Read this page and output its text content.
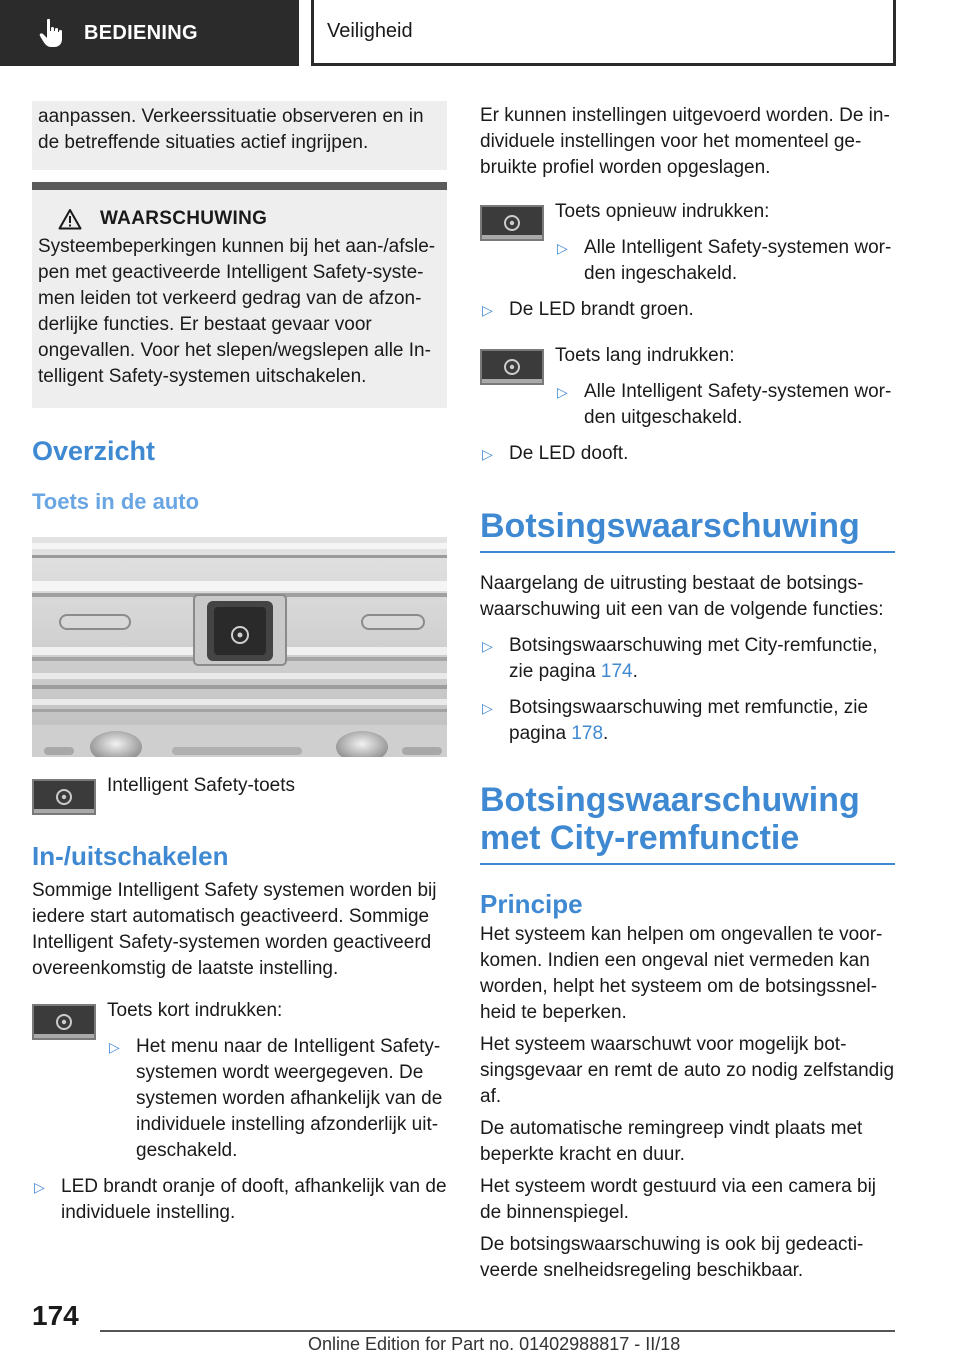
BEDIENING	Veiligheid

aanpassen. Verkeerssituatie observeren en in de betreffende situaties actief ingrijpen.

WAARSCHUWING

Systeembeperkingen kunnen bij het aan-/afsle-pen met geactiveerde Intelligent Safety-syste-men leiden tot verkeerd gedrag van de afzon-derlijke functies. Er bestaat gevaar voor ongevallen. Voor het slepen/wegslepen alle In-telligent Safety-systemen uitschakelen.

Overzicht
Toets in de auto

Intelligent Safety-toets

In-/uitschakelen

Sommige Intelligent Safety systemen worden bij iedere start automatisch geactiveerd. Sommige Intelligent Safety-systemen worden geactiveerd overeenkomstig de laatste instelling.

Toets kort indrukken:

▷ Het menu naar de Intelligent Safety-systemen wordt weergegeven. De systemen worden afhankelijk van de individuele instelling afzonderlijk uit-geschakeld.
▷ LED brandt oranje of dooft, afhankelijk van de individuele instelling.

Er kunnen instellingen uitgevoerd worden. De in-dividuele instellingen voor het momenteel ge-bruikte profiel worden opgeslagen.

Toets opnieuw indrukken:

▷ Alle Intelligent Safety-systemen wor-den ingeschakeld.
▷ De LED brandt groen.

Toets lang indrukken:

▷ Alle Intelligent Safety-systemen wor-den uitgeschakeld.
▷ De LED dooft.
Botsingswaarschuwing

Naargelang de uitrusting bestaat de botsings-waarschuwing uit een van de volgende functies:

▷ Botsingswaarschuwing met City-remfunctie, zie pagina 174.
▷ Botsingswaarschuwing met remfunctie, zie pagina 178.
Botsingswaarschuwing
met City-remfunctie
Principe

Het systeem kan helpen om ongevallen te voor-komen. Indien een ongeval niet vermeden kan worden, helpt het systeem om de botsingssnel-heid te beperken.

Het systeem waarschuwt voor mogelijk bot-singsgevaar en remt de auto zo nodig zelfstandig af.

De automatische remingreep vindt plaats met beperkte kracht en duur.

Het systeem wordt gestuurd via een camera bij de binnenspiegel.

De botsingswaarschuwing is ook bij gedeacti-veerde snelheidsregeling beschikbaar.

174
Online Edition for Part no. 01402988817 - II/18
